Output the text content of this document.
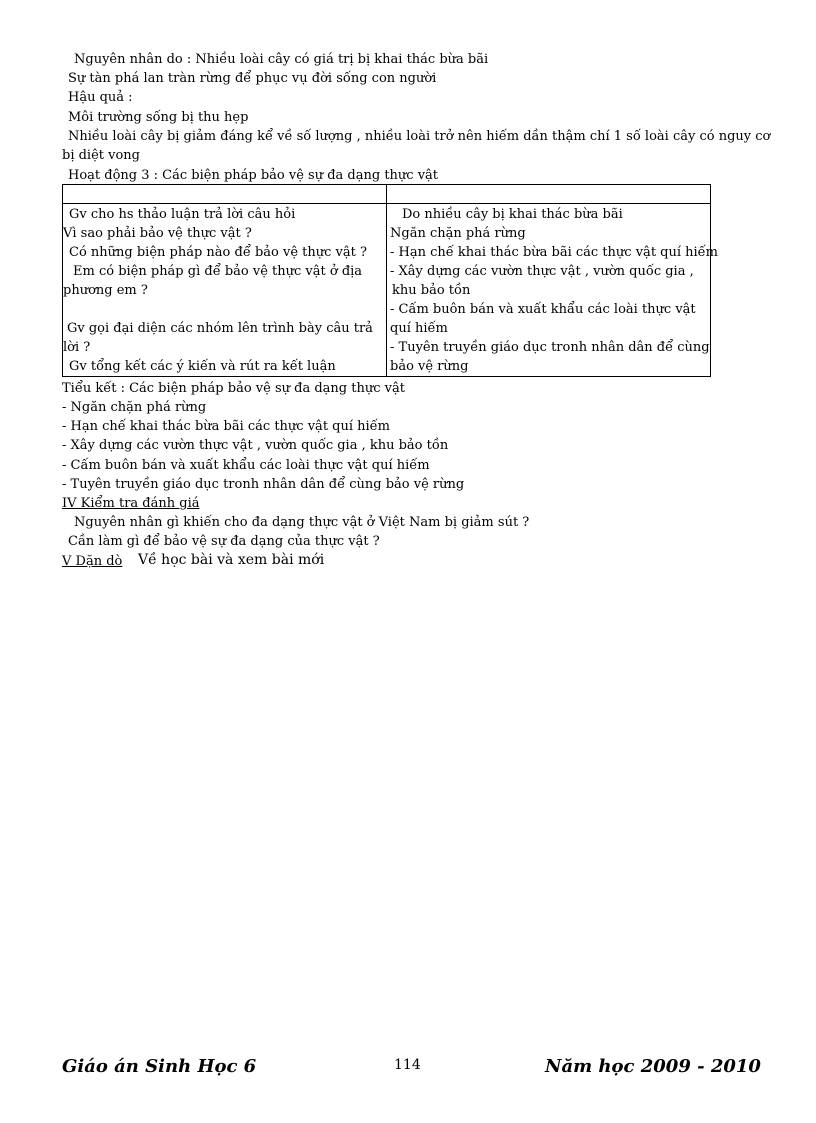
Nguyên nhân do : Nhiều loài cây có giá trị bị khai thác bừa bãi
Sự tàn phá lan tràn rừng để phục vụ đời sống con người
Hậu quả :
Môi trường sống bị thu hẹp
Nhiều loài cây bị giảm đáng kể về số lượng , nhiều loài trở nên hiếm dần thậm chí 1 số loài cây có nguy cơ
bị diệt vong
Hoạt động 3 : Các biện pháp bảo vệ sự đa dạng thực vật
Gv cho hs thảo luận trả lời câu hỏi
Vì sao phải bảo vệ thực vật ?
Có những biện pháp nào để bảo vệ thực vật ?
Em có biện pháp gì để bảo vệ thực vật ở địa
phương em ?
Gv gọi đại diện các nhóm lên trình bày câu trả
lời ?
Gv tổng kết các ý kiến và rút ra kết luận
Do nhiều cây bị khai thác bừa bãi
Ngăn chặn phá rừng
- Hạn chế khai thác bừa bãi các thực vật quí hiếm
- Xây dựng các vườn thực vật , vườn quốc gia ,
khu bảo tồn
- Cấm buôn bán và xuất khẩu các loài thực vật
quí hiếm
- Tuyên truyền giáo dục tronh nhân dân để cùng
bảo vệ rừng
Tiểu kết : Các biện pháp bảo vệ sự đa dạng thực vật
- Ngăn chặn phá rừng
- Hạn chế khai thác bừa bãi các thực vật quí hiếm
- Xây dựng các vườn thực vật , vườn quốc gia , khu bảo tồn
- Cấm buôn bán và xuất khẩu các loài thực vật quí hiếm
- Tuyên truyền giáo dục tronh nhân dân để cùng bảo vệ rừng
IV Kiểm tra đánh giá
Nguyên nhân gì khiến cho đa dạng thực vật ở Việt Nam bị giảm sút ?
Cần làm gì để bảo vệ sự đa dạng của thực vật ?
V Dặn dò Về học bài và xem bài mới
Giáo án Sinh Học 6	114	Năm học 2009 - 2010
